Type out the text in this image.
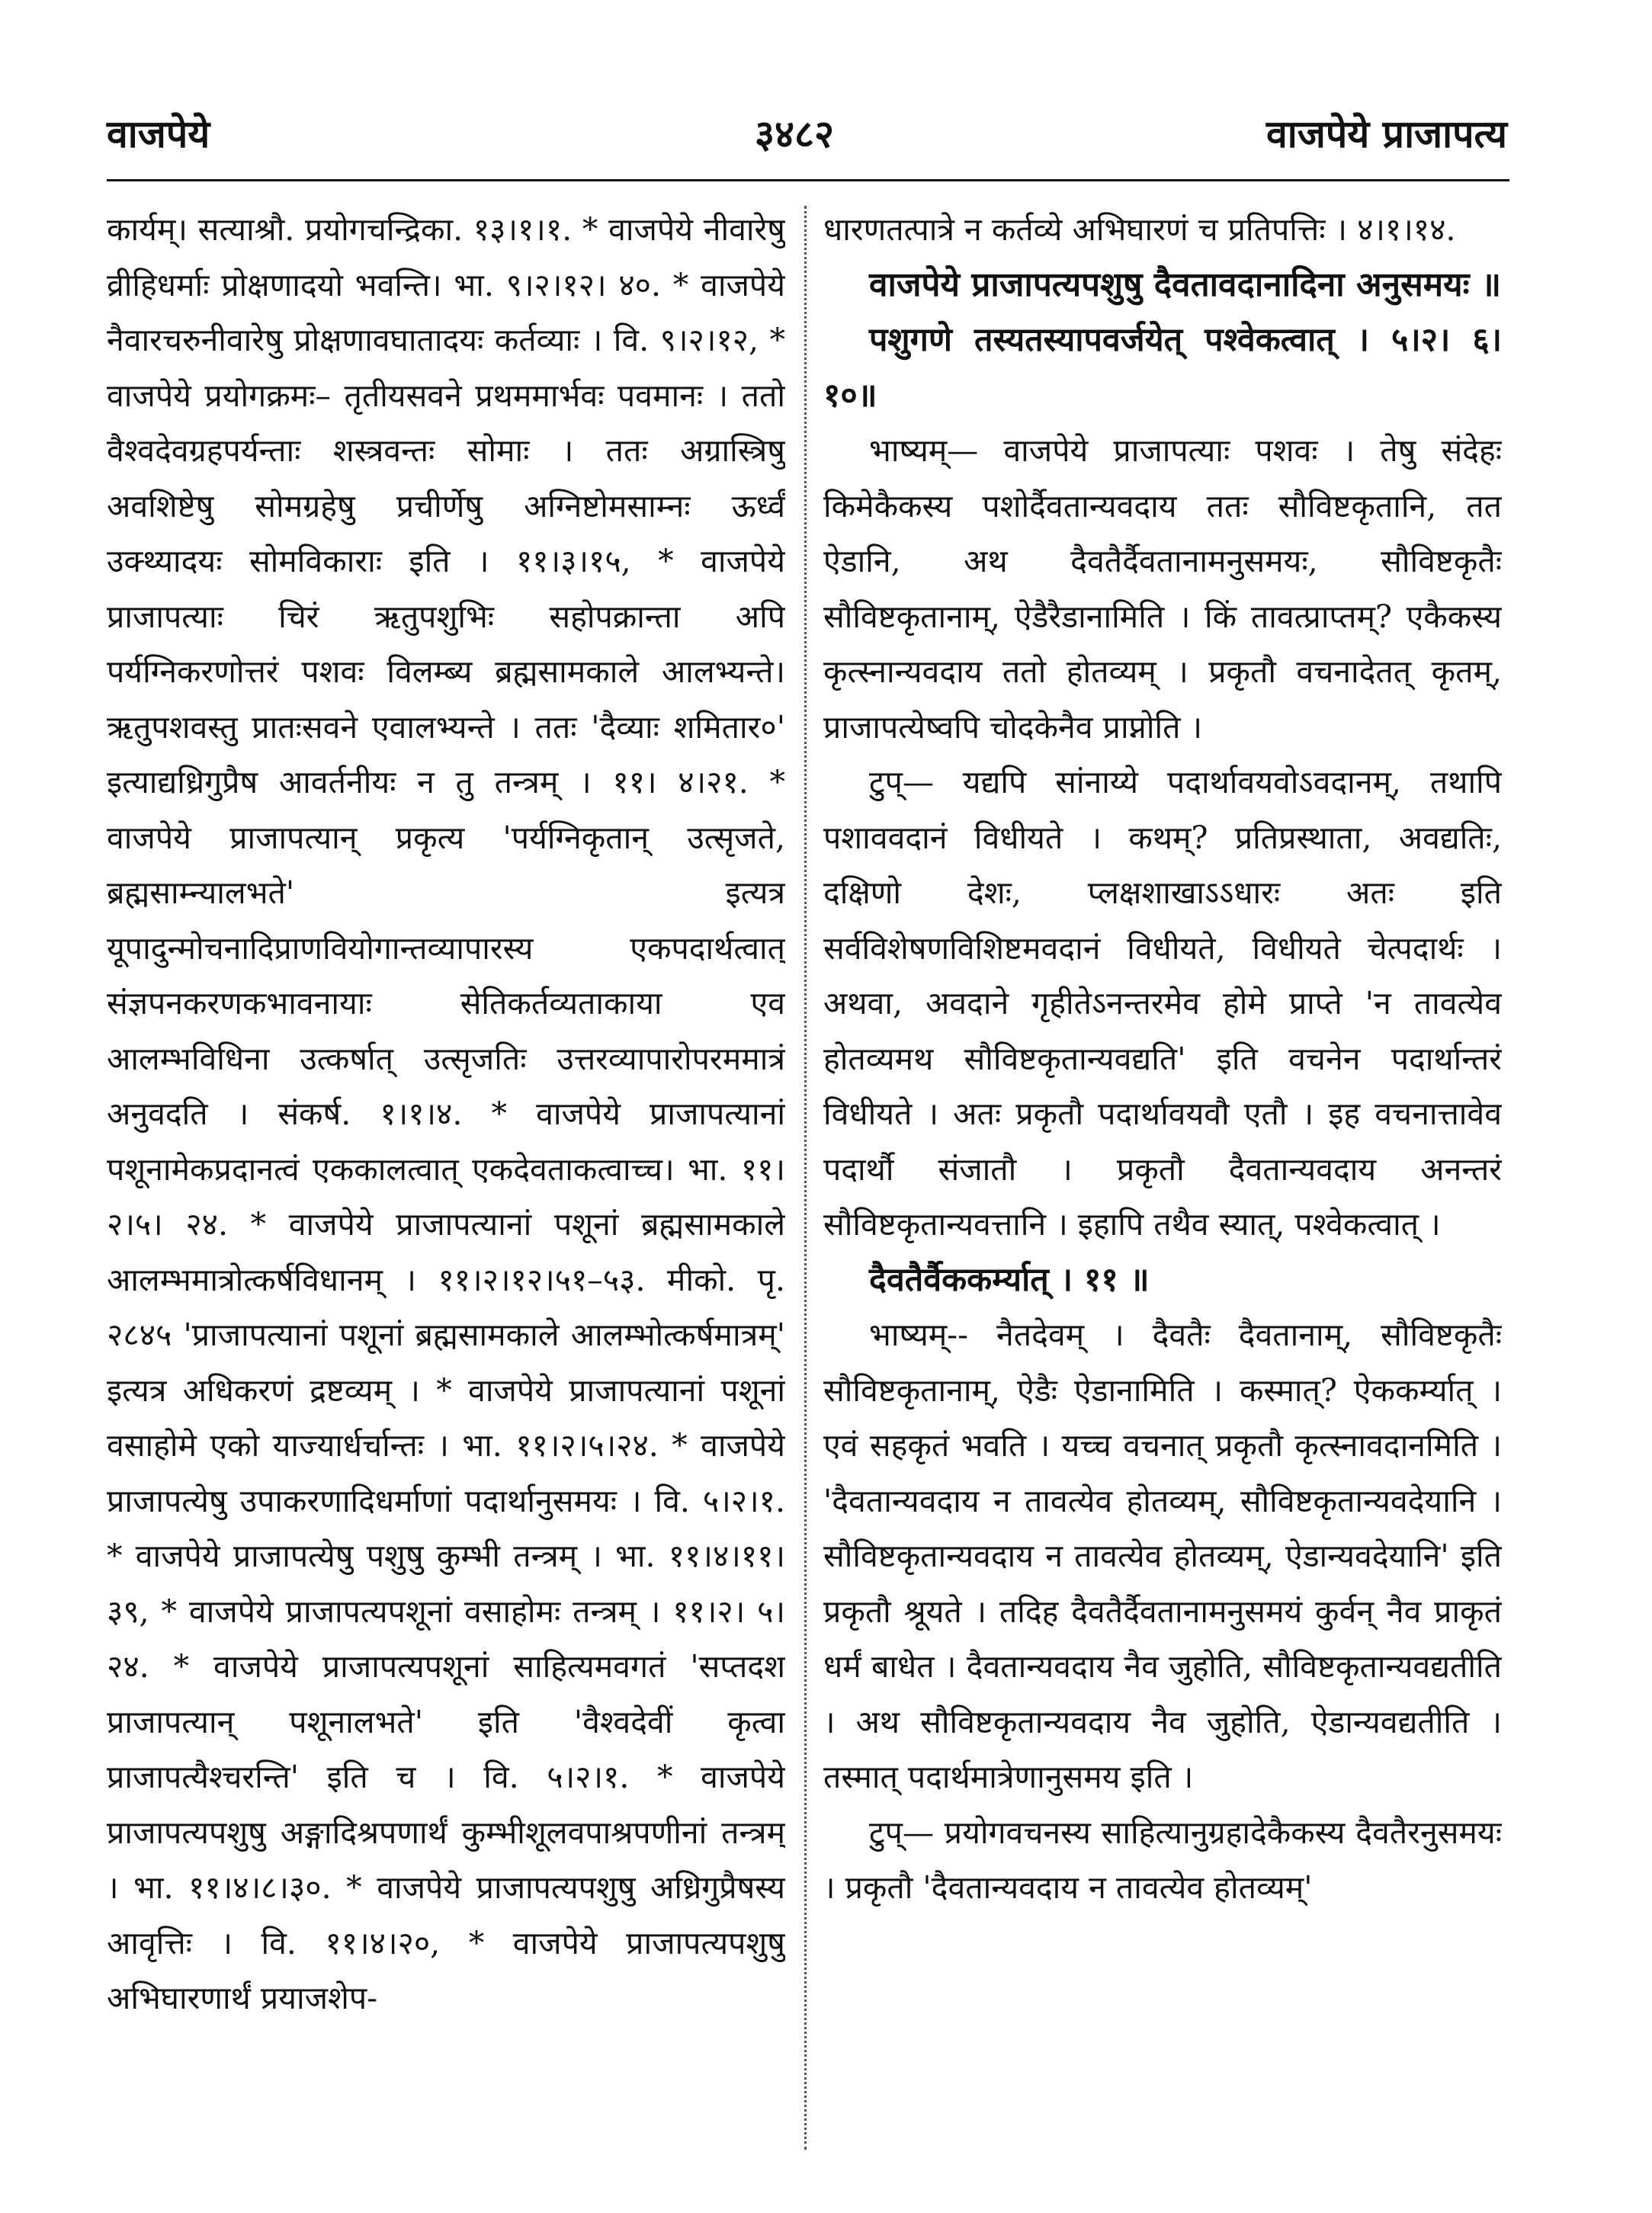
वाजपेये	३४८२	वाजपेये प्राजापत्य

कार्यम्। सत्याश्रौ. प्रयोगचन्द्रिका. १३।१।१. * वाजपेये नीवारेषु व्रीहिधर्माः प्रोक्षणादयो भवन्ति। भा. ९।२।१२। ४०. * वाजपेये नैवारचरुनीवारेषु प्रोक्षणावघातादयः कर्तव्याः । वि. ९।२।१२, * वाजपेये प्रयोगक्रमः– तृतीयसवने प्रथममार्भवः पवमानः । ततो वैश्वदेवग्रहपर्यन्ताः शस्त्रवन्तः सोमाः । ततः अग्रास्त्रिषु अवशिष्टेषु सोमग्रहेषु प्रचीर्णेषु अग्निष्टोमसाम्नः ऊर्ध्वं उक्थ्यादयः सोमविकाराः इति । ११।३।१५, * वाजपेये प्राजापत्याः चिरं ऋतुपशुभिः सहोपक्रान्ता अपि पर्यग्निकरणोत्तरं पशवः विलम्ब्य ब्रह्मसामकाले आलभ्यन्ते। ऋतुपशवस्तु प्रातःसवने एवालभ्यन्ते । ततः 'दैव्याः शमितार०' इत्याद्यध्रिगुप्रैष आवर्तनीयः न तु तन्त्रम् । ११। ४।२१. * वाजपेये प्राजापत्यान् प्रकृत्य 'पर्यग्निकृतान् उत्सृजते, ब्रह्मसाम्न्यालभते' इत्यत्र यूपादुन्मोचनादिप्राणवियोगान्तव्यापारस्य एकपदार्थत्वात् संज्ञपनकरणकभावनायाः सेतिकर्तव्यताकाया एव आलम्भविधिना उत्कर्षात् उत्सृजतिः उत्तरव्यापारोपरममात्रं अनुवदति । संकर्ष. १।१।४. * वाजपेये प्राजापत्यानां पशूनामेकप्रदानत्वं एककालत्वात् एकदेवताकत्वाच्च। भा. ११।२।५। २४. * वाजपेये प्राजापत्यानां पशूनां ब्रह्मसामकाले आलम्भमात्रोत्कर्षविधानम् । ११।२।१२।५१–५३. मीको. पृ. २८४५ 'प्राजापत्यानां पशूनां ब्रह्मसामकाले आलम्भोत्कर्षमात्रम्' इत्यत्र अधिकरणं द्रष्टव्यम् । * वाजपेये प्राजापत्यानां पशूनां वसाहोमे एको याज्यार्धर्चान्तः । भा. ११।२।५।२४. * वाजपेये प्राजापत्येषु उपाकरणादिधर्माणां पदार्थानुसमयः । वि. ५।२।१. * वाजपेये प्राजापत्येषु पशुषु कुम्भी तन्त्रम् । भा. ११।४।११।३९, * वाजपेये प्राजापत्यपशूनां वसाहोमः तन्त्रम् । ११।२। ५।२४. * वाजपेये प्राजापत्यपशूनां साहित्यमवगतं 'सप्तदश प्राजापत्यान् पशूनालभते' इति 'वैश्वदेवीं कृत्वा प्राजापत्यैश्चरन्ति' इति च । वि. ५।२।१. * वाजपेये प्राजापत्यपशुषु अङ्गादिश्रपणार्थं कुम्भीशूलवपाश्रपणीनां तन्त्रम् । भा. ११।४।८।३०. * वाजपेये प्राजापत्यपशुषु अध्रिगुप्रैषस्य आवृत्तिः । वि. ११।४।२०, * वाजपेये प्राजापत्यपशुषु अभिघारणार्थं प्रयाजशेप-

धारणतत्पात्रे न कर्तव्ये अभिघारणं च प्रतिपत्तिः । ४।१।१४.

वाजपेये प्राजापत्यपशुषु दैवतावदानादिना अनुसमयः ॥

पशुगणे तस्यतस्यापवर्जयेत् पश्वेकत्वात् । ५।२। ६।१०॥

भाष्यम्— वाजपेये प्राजापत्याः पशवः । तेषु संदेहः किमेकैकस्य पशोर्दैवतान्यवदाय ततः सौविष्टकृतानि, तत ऐडानि, अथ दैवतैर्दैवतानामनुसमयः, सौविष्टकृतैः सौविष्टकृतानाम्, ऐडैरैडानामिति । किं तावत्प्राप्तम्? एकैकस्य कृत्स्नान्यवदाय ततो होतव्यम् । प्रकृतौ वचनादेतत् कृतम्, प्राजापत्येष्वपि चोदकेनैव प्राप्नोति ।

टुप्— यद्यपि सांनाय्ये पदार्थावयवोऽवदानम्, तथापि पशाववदानं विधीयते । कथम्? प्रतिप्रस्थाता, अवद्यतिः, दक्षिणो देशः, प्लक्षशाखाऽऽधारः अतः इति सर्वविशेषणविशिष्टमवदानं विधीयते, विधीयते चेत्पदार्थः । अथवा, अवदाने गृहीतेऽनन्तरमेव होमे प्राप्ते 'न तावत्येव होतव्यमथ सौविष्टकृतान्यवद्यति' इति वचनेन पदार्थान्तरं विधीयते । अतः प्रकृतौ पदार्थावयवौ एतौ । इह वचनात्तावेव पदार्थौ संजातौ । प्रकृतौ दैवतान्यवदाय अनन्तरं सौविष्टकृतान्यवत्तानि । इहापि तथैव स्यात्, पश्वेकत्वात् ।

दैवतैर्वैककर्म्यात् । ११ ॥

भाष्यम्-- नैतदेवम् । दैवतैः दैवतानाम्, सौविष्टकृतैः सौविष्टकृतानाम्, ऐडैः ऐडानामिति । कस्मात्? ऐककर्म्यात् । एवं सहकृतं भवति । यच्च वचनात् प्रकृतौ कृत्स्नावदानमिति । 'दैवतान्यवदाय न तावत्येव होतव्यम्, सौविष्टकृतान्यवदेयानि । सौविष्टकृतान्यवदाय न तावत्येव होतव्यम्, ऐडान्यवदेयानि' इति प्रकृतौ श्रूयते । तदिह दैवतैर्दैवतानामनुसमयं कुर्वन् नैव प्राकृतं धर्मं बाधेत । दैवतान्यवदाय नैव जुहोति, सौविष्टकृतान्यवद्यतीति । अथ सौविष्टकृतान्यवदाय नैव जुहोति, ऐडान्यवद्यतीति । तस्मात् पदार्थमात्रेणानुसमय इति ।

टुप्— प्रयोगवचनस्य साहित्यानुग्रहादेकैकस्य दैवतैरनुसमयः । प्रकृतौ 'दैवतान्यवदाय न तावत्येव होतव्यम्'
